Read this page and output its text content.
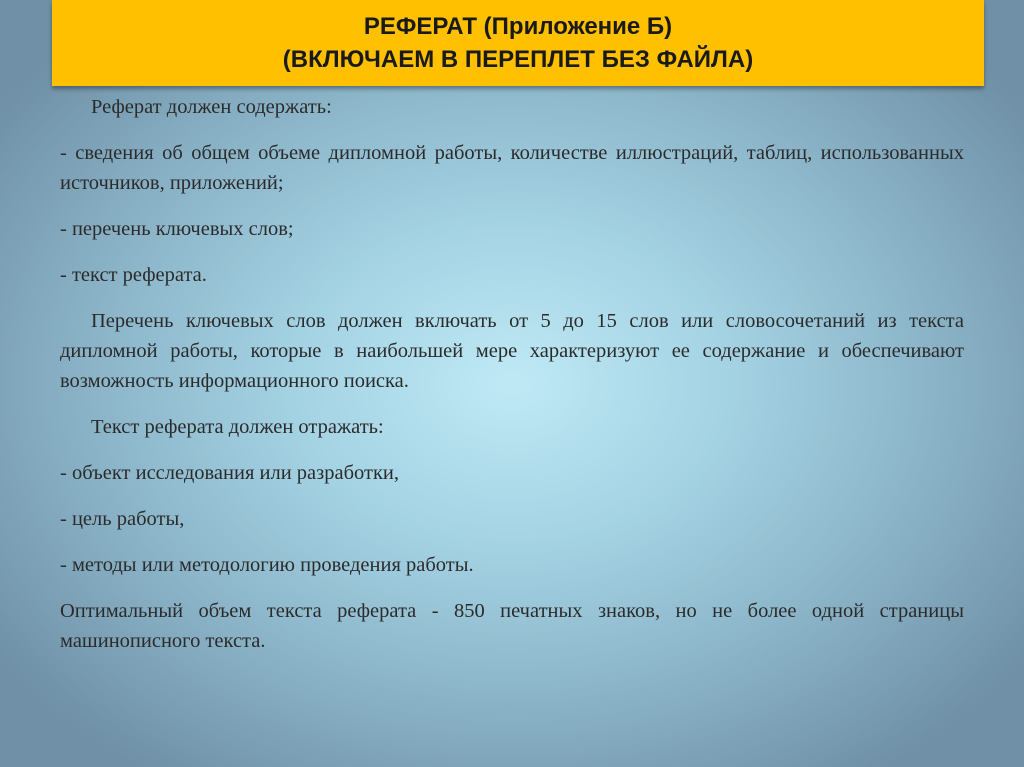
РЕФЕРАТ (Приложение Б)
(ВКЛЮЧАЕМ В ПЕРЕПЛЕТ БЕЗ ФАЙЛА)

Реферат должен содержать:

- сведения об общем объеме дипломной работы, количестве иллюстраций, таблиц, использованных источников, приложений;

- перечень ключевых слов;

- текст реферата.

Перечень ключевых слов должен включать от 5 до 15 слов или словосочетаний из текста дипломной работы, которые в наибольшей мере характеризуют ее содержание и обеспечивают возможность информационного поиска.

Текст реферата должен отражать:

- объект исследования или разработки,

- цель работы,

- методы или методологию проведения работы.

Оптимальный объем текста реферата - 850 печатных знаков, но не более одной страницы машинописного текста.
